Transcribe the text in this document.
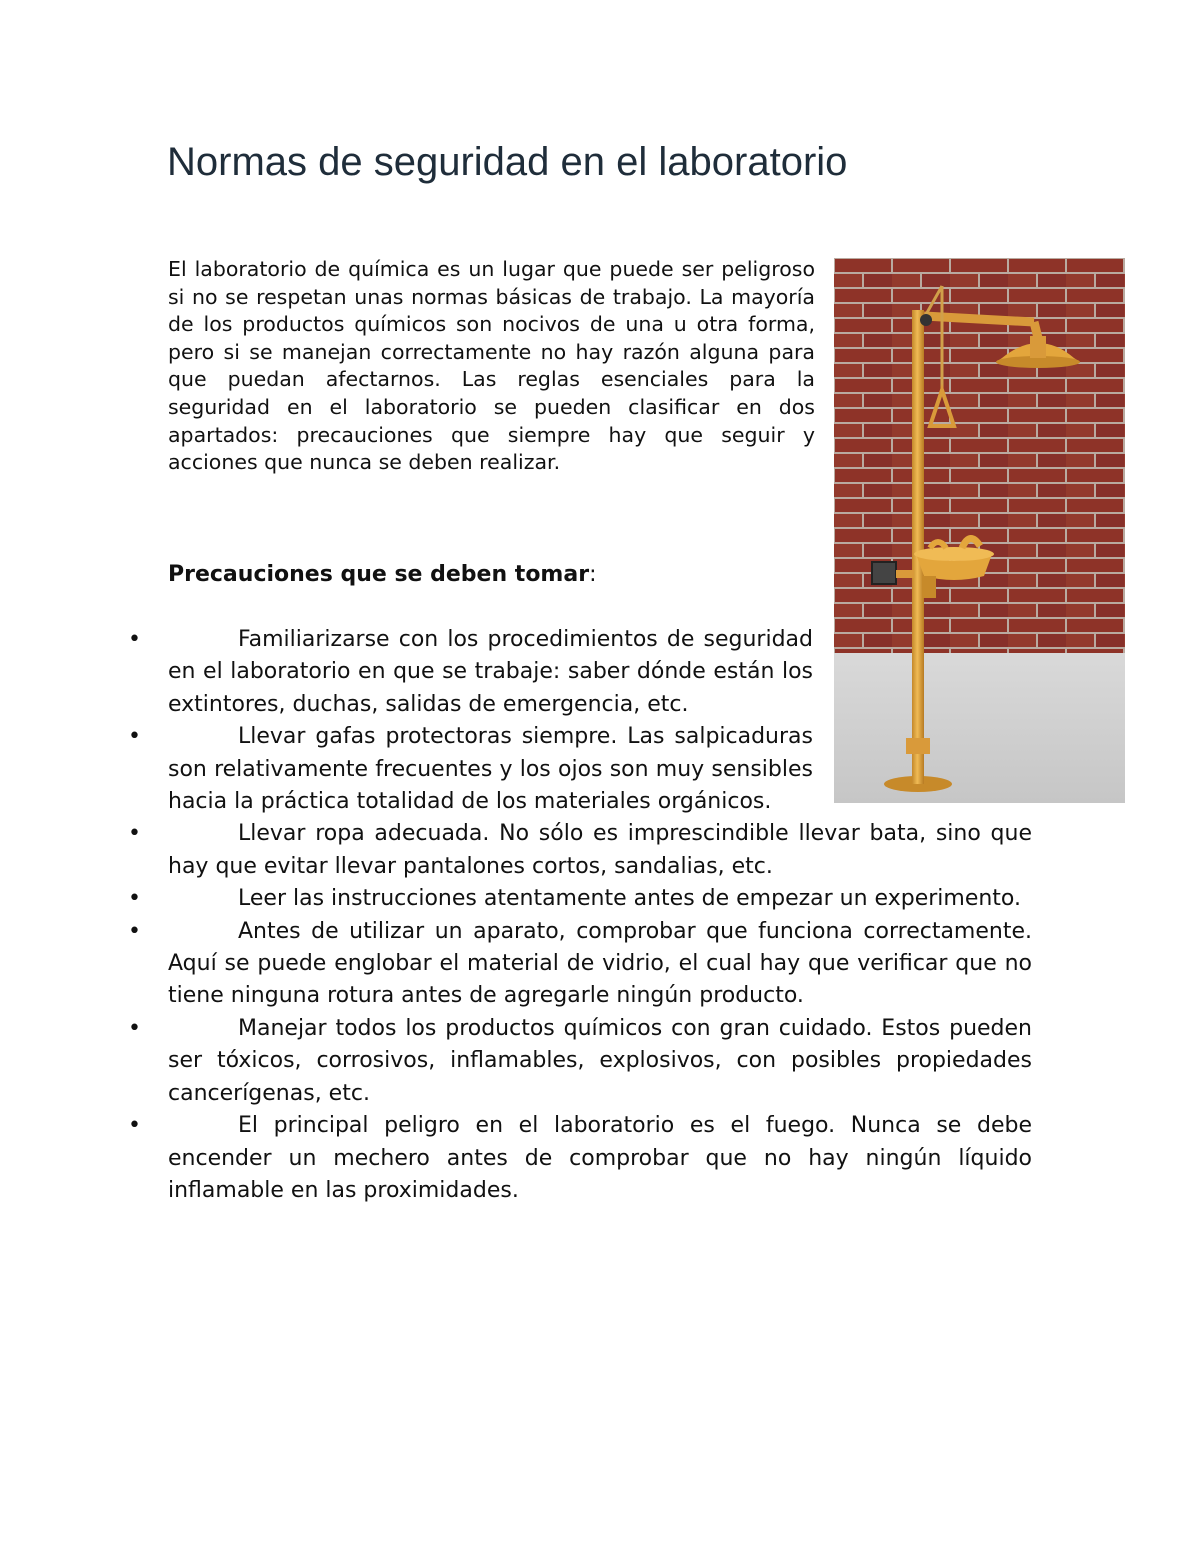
Normas de seguridad en el laboratorio

El laboratorio de química es un lugar que puede ser peligroso si no se respetan unas normas básicas de trabajo. La mayoría de los productos químicos son nocivos de una u otra forma, pero si se manejan correctamente no hay razón alguna para que puedan afectarnos. Las reglas esenciales para la seguridad en el laboratorio se pueden clasificar en dos apartados: precauciones que siempre hay que seguir y acciones que nunca se deben realizar.

Precauciones que se deben tomar:

•	Familiarizarse con los procedimientos de seguridad en el laboratorio en que se trabaje: saber dónde están los extintores, duchas, salidas de emergencia, etc.
•	Llevar gafas protectoras siempre. Las salpicaduras son relativamente frecuentes y los ojos son muy sensibles hacia la práctica totalidad de los materiales orgánicos.
•	Llevar ropa adecuada. No sólo es imprescindible llevar bata, sino que hay que evitar llevar pantalones cortos, sandalias, etc.
•	Leer las instrucciones atentamente antes de empezar un experimento.
•	Antes de utilizar un aparato, comprobar que funciona correctamente. Aquí se puede englobar el material de vidrio, el cual hay que verificar que no tiene ninguna rotura antes de agregarle ningún producto.
•	Manejar todos los productos químicos con gran cuidado. Estos pueden ser tóxicos, corrosivos, inflamables, explosivos, con posibles propiedades cancerígenas, etc.
•	El principal peligro en el laboratorio es el fuego. Nunca se debe encender un mechero antes de comprobar que no hay ningún líquido inflamable en las proximidades.
